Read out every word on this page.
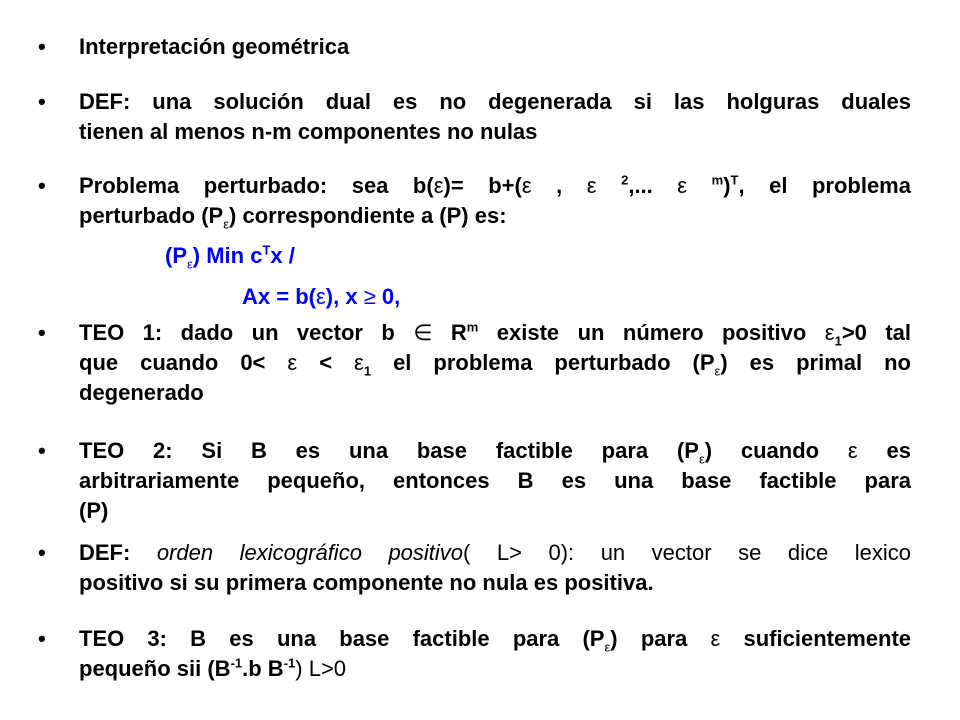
•	Interpretación geométrica
•	DEF: una solución dual es no degenerada si las holguras duales
tienen al menos n-m componentes no nulas
•	Problema perturbado: sea b(ε)= b+(ε , ε $^2$,... ε $^m$)$^T$, el problema
perturbado $(P_\varepsilon)$ correspondiente a (P) es:
$(P_\varepsilon)$ Min $c^Tx$ /
Ax = b(ε), x ≥ 0,
•	TEO 1: dado un vector b ∈ $R^m$ existe un número positivo $\varepsilon_1>0$ tal
que cuando $0< \varepsilon < \varepsilon_1$ el problema perturbado $(P_\varepsilon)$ es primal no
degenerado
•	TEO 2: Si B es una base factible para $(P_\varepsilon)$ cuando ε es
arbitrariamente pequeño, entonces B es una base factible para
(P)
•	DEF: orden lexicográfico positivo( L> 0): un vector se dice lexico
positivo si su primera componente no nula es positiva.
•	TEO 3: B es una base factible para $(P_\varepsilon)$ para ε suficientemente
pequeño sii ($B^{-1}.b$ $B^{-1}$) L>0
